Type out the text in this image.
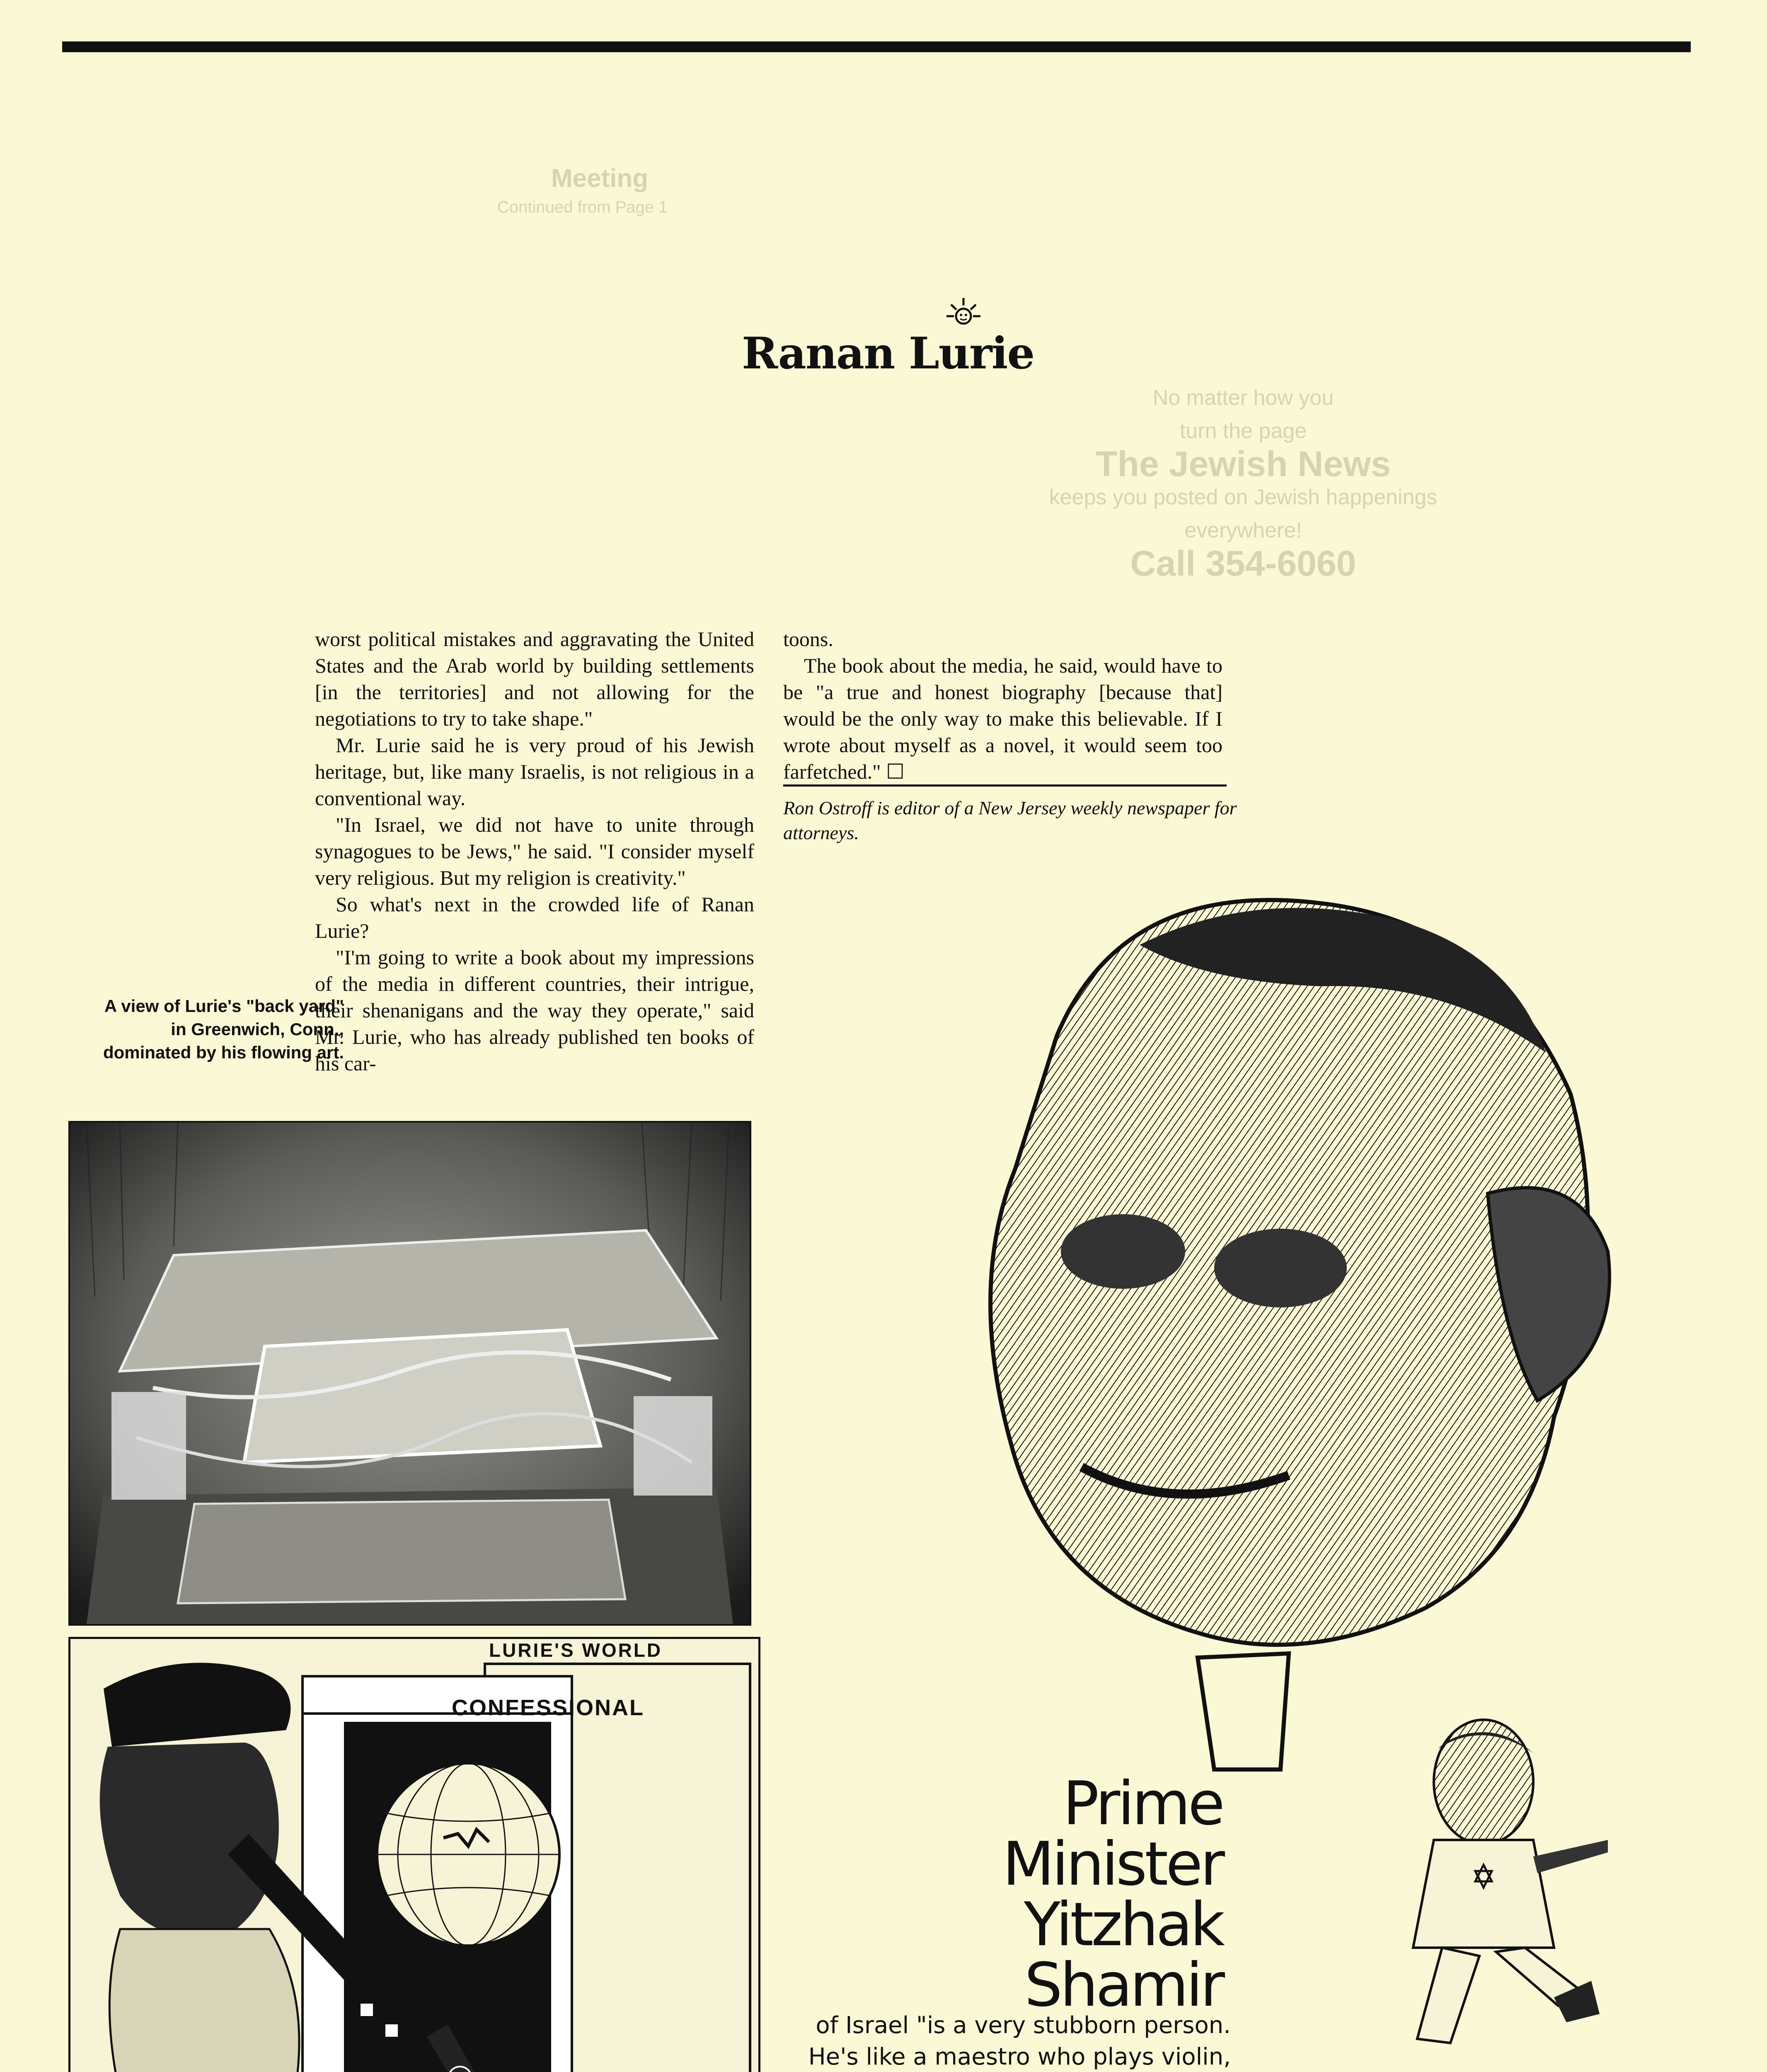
Meeting
Continued from Page 1
No matter how you
turn the page
The Jewish News
keeps you posted on Jewish happenings
everywhere!
Call 354-6060
Ranan Lurie

worst political mistakes and aggravating the United States and the Arab world by building settlements [in the territories] and not allowing for the negotiations to try to take shape."

Mr. Lurie said he is very proud of his Jewish heritage, but, like many Israelis, is not religious in a conventional way.

"In Israel, we did not have to unite through synagogues to be Jews," he said. "I consider myself very religious. But my religion is creativity."

So what's next in the crowded life of Ranan Lurie?

"I'm going to write a book about my impressions of the media in different countries, their intrigue, their shenanigans and the way they operate," said Mr. Lurie, who has already published ten books of his car-

toons.

The book about the media, he said, would have to be "a true and honest biography [because that] would be the only way to make this believable. If I wrote about myself as a novel, it would seem too farfetched." ☐

Ron Ostroff is editor of a New Jersey weekly newspaper for attorneys.
A view of Lurie's "back yard" in Greenwich, Conn., dominated by his flowing art.
CONFESSIONAL
LURIE'S WORLD
Prime
Minister
Yitzhak
Shamir
of Israel "is a very stubborn person. He's like a maestro who plays violin,
